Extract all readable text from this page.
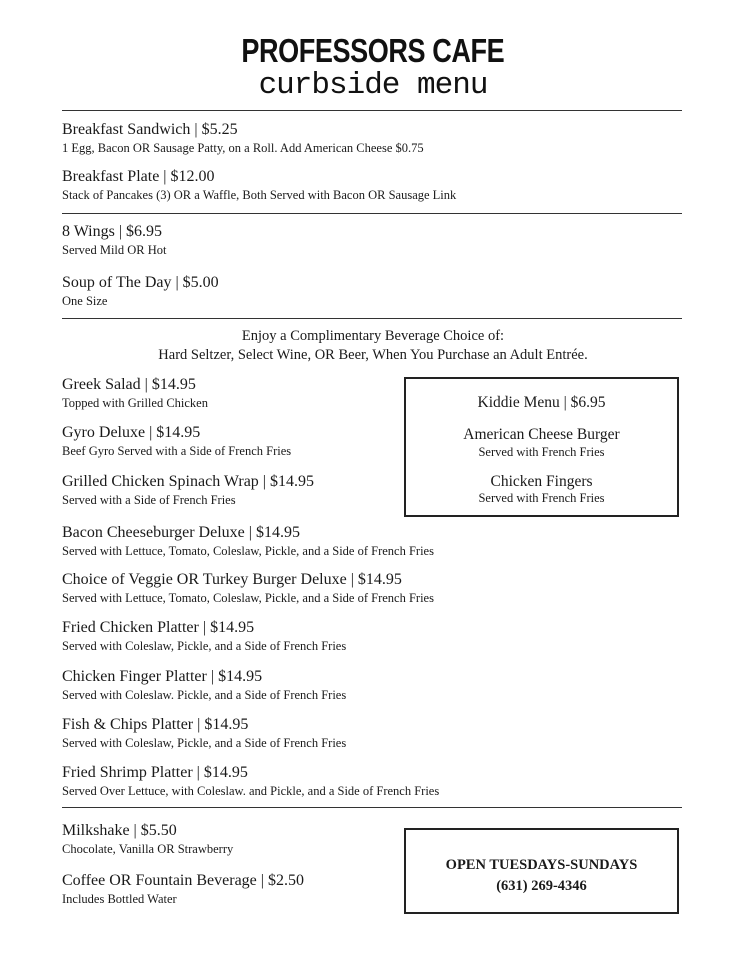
PROFESSORS CAFE
curbside menu
Breakfast Sandwich | $5.25
1 Egg, Bacon OR Sausage Patty, on a Roll. Add American Cheese $0.75
Breakfast Plate | $12.00
Stack of Pancakes (3) OR a Waffle, Both Served with Bacon OR Sausage Link
8 Wings | $6.95
Served Mild OR Hot
Soup of The Day | $5.00
One Size
Enjoy a Complimentary Beverage Choice of:
Hard Seltzer, Select Wine, OR Beer, When You Purchase an Adult Entrée.
Greek Salad | $14.95
Topped with Grilled Chicken
Gyro Deluxe | $14.95
Beef Gyro Served with a Side of French Fries
Grilled Chicken Spinach Wrap | $14.95
Served with a Side of French Fries
Bacon Cheeseburger Deluxe | $14.95
Served with Lettuce, Tomato, Coleslaw, Pickle, and a Side of French Fries
Choice of Veggie OR Turkey Burger Deluxe | $14.95
Served with Lettuce, Tomato, Coleslaw, Pickle, and a Side of French Fries
Fried Chicken Platter | $14.95
Served with Coleslaw, Pickle, and a Side of French Fries
Chicken Finger Platter | $14.95
Served with Coleslaw. Pickle, and a Side of French Fries
Fish & Chips Platter | $14.95
Served with Coleslaw, Pickle, and a Side of French Fries
Fried Shrimp Platter | $14.95
Served Over Lettuce, with Coleslaw. and Pickle, and a Side of French Fries
Kiddie Menu | $6.95
American Cheese Burger
Served with French Fries
Chicken Fingers
Served with French Fries
Milkshake | $5.50
Chocolate, Vanilla OR Strawberry
Coffee OR Fountain Beverage | $2.50
Includes Bottled Water
OPEN TUESDAYS-SUNDAYS
(631) 269-4346
